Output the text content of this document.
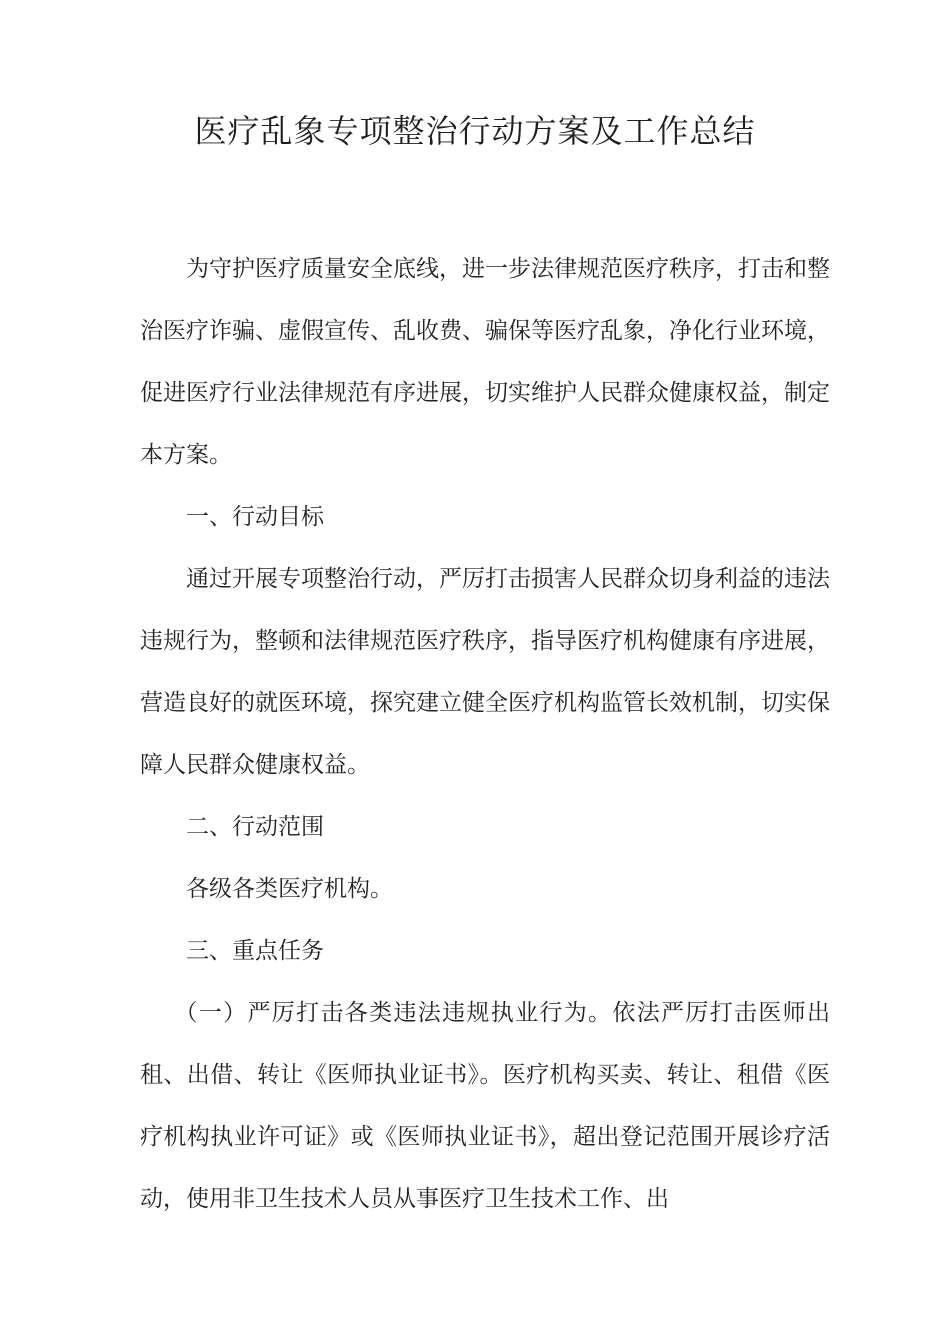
医疗乱象专项整治行动方案及工作总结

为守护医疗质量安全底线，进一步法律规范医疗秩序，打击和整治医疗诈骗、虚假宣传、乱收费、骗保等医疗乱象，净化行业环境，促进医疗行业法律规范有序进展，切实维护人民群众健康权益，制定本方案。

一、行动目标

通过开展专项整治行动，严厉打击损害人民群众切身利益的违法违规行为，整顿和法律规范医疗秩序，指导医疗机构健康有序进展，营造良好的就医环境，探究建立健全医疗机构监管长效机制，切实保障人民群众健康权益。

二、行动范围

各级各类医疗机构。

三、重点任务

（一）严厉打击各类违法违规执业行为。依法严厉打击医师出租、出借、转让《医师执业证书》。医疗机构买卖、转让、租借《医疗机构执业许可证》或《医师执业证书》，超出登记范围开展诊疗活动，使用非卫生技术人员从事医疗卫生技术工作、出
